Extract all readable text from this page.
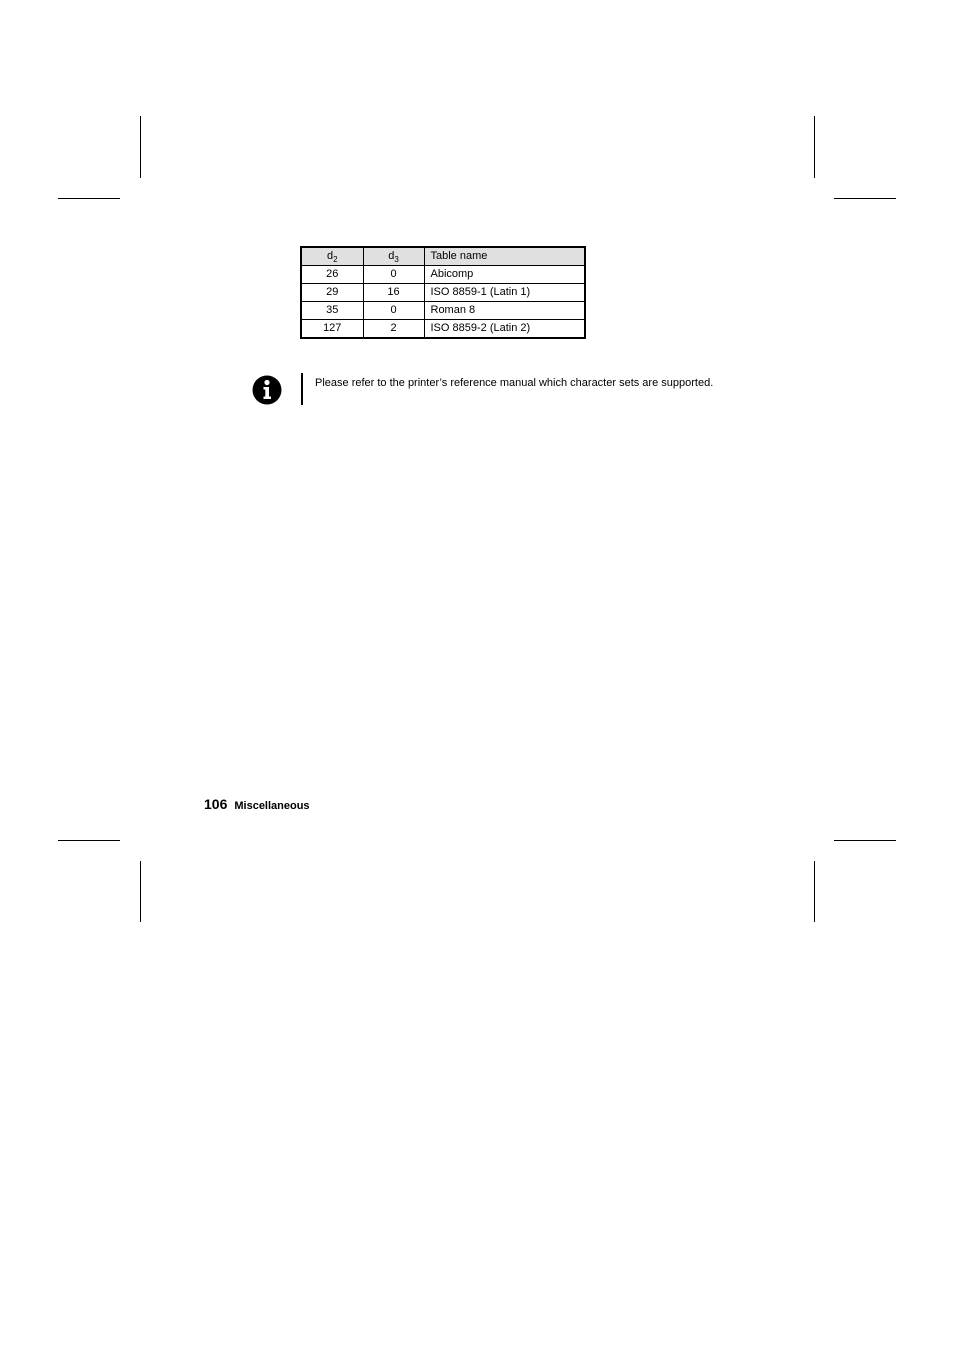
$d_2$	$d_3$	Table name
26	0	Abicomp
29	16	ISO 8859-1 (Latin 1)
35	0	Roman 8
127	2	ISO 8859-2 (Latin 2)
Please refer to the printer’s reference manual which character sets are supported.
106 Miscellaneous
